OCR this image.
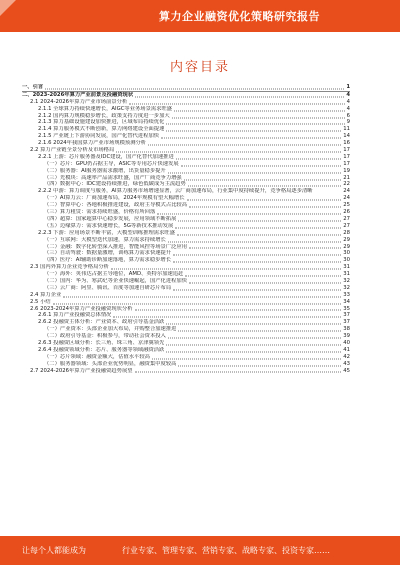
算力企业融资优化策略研究报告
内容目录
一、引言	1
二、2023-2026年算力产业前景及投融资现状	4
2.1 2024-2026年算力产业市场前景分析	4
2.1.1 全球算力持续快速增长，AIGC等业务场景需求旺盛	4
2.1.2 国内算力规模稳步增长，政策支持力度进一步加大	6
2.1.3 算力基础设施建设加快推进，区域布局持续优化	9
2.1.4 算力服务模式不断创新，算力网络建设全面提速	11
2.1.5 产业链上下游协同发展，国产化替代进程加快	14
2.1.6 2024年我国算力产业市场规模预测分析	16
2.2 算力产业链全景分析及市场格局	17
2.2.1 上游：芯片服务器及IDC建设，国产化替代加速推进	17
（一）芯片：GPU仍占据主导，ASIC等专用芯片快速发展	17
（二）服务器：AI服务器需求激增，出货量稳步提升	19
（三）光模块：高速率产品需求旺盛，国产厂商竞争力增强	21
（四）数据中心：IDC建设持续推进，绿色低碳成为主流趋势	22
2.2.2 中游：算力调度与服务，AI算力服务市场增速显著，云厂商加速布局，行业集中度持续提升，竞争格局逐步清晰	24
（一）AI算力云：厂商加速布局，2024年规模有望大幅增长	24
（二）智算中心：各地积极推进建设，政府主导模式占比较高	25
（三）算力租赁：需求持续旺盛，价格有所回落	26
（四）超算：国家超算中心稳步发展，应用领域不断拓展	27
（五）边缘算力：需求快速增长，5G等新技术推动发展	27
2.2.3 下游：应用场景不断丰富，大模型训练推理需求旺盛	28
（一）互联网：大模型迭代加速，算力需求持续增长	29
（二）金融：数字化转型深入推进，智能风控等场景广泛应用	29
（三）自动驾驶：数据量激增，训练算力需求快速提升	30
（四）医疗：AI辅助诊断加速落地，算力需求稳步增长	30
2.3 国内外算力企业竞争格局分析	31
（一）海外：英伟达占据主导地位，AMD、英特尔加速追赶	31
（二）国内：华为、寒武纪等企业快速崛起，国产化进程加快	32
（三）云厂商：阿里、腾讯、百度等加速自研芯片布局	32
2.4 算力企业	33
2.5 小结	34
2.6 2023-2024年算力产业投融资现状分析	35
2.6.1 算力产业投融资总体情况	37
2.6.2 投融资主体分析：产业资本、政府引导基金活跃	37
（一）产业资本：头部企业加大布局，并购整合加速推进	38
（二）政府引导基金：积极参与，带动社会资本投入	39
2.6.3 投融资区域分析：长三角、珠三角、京津冀领先	40
2.6.4 投融资领域分析：芯片、服务器等领域融资活跃	41
（一）芯片领域：融资金额大，估值水平较高	42
（二）服务器领域：头部企业优势明显，融资集中度较高	43
2.7 2024-2026年算力产业投融资趋势展望	45
让每个人都能成为	行业专家、管理专家、营销专家、战略专家、投资专家……
